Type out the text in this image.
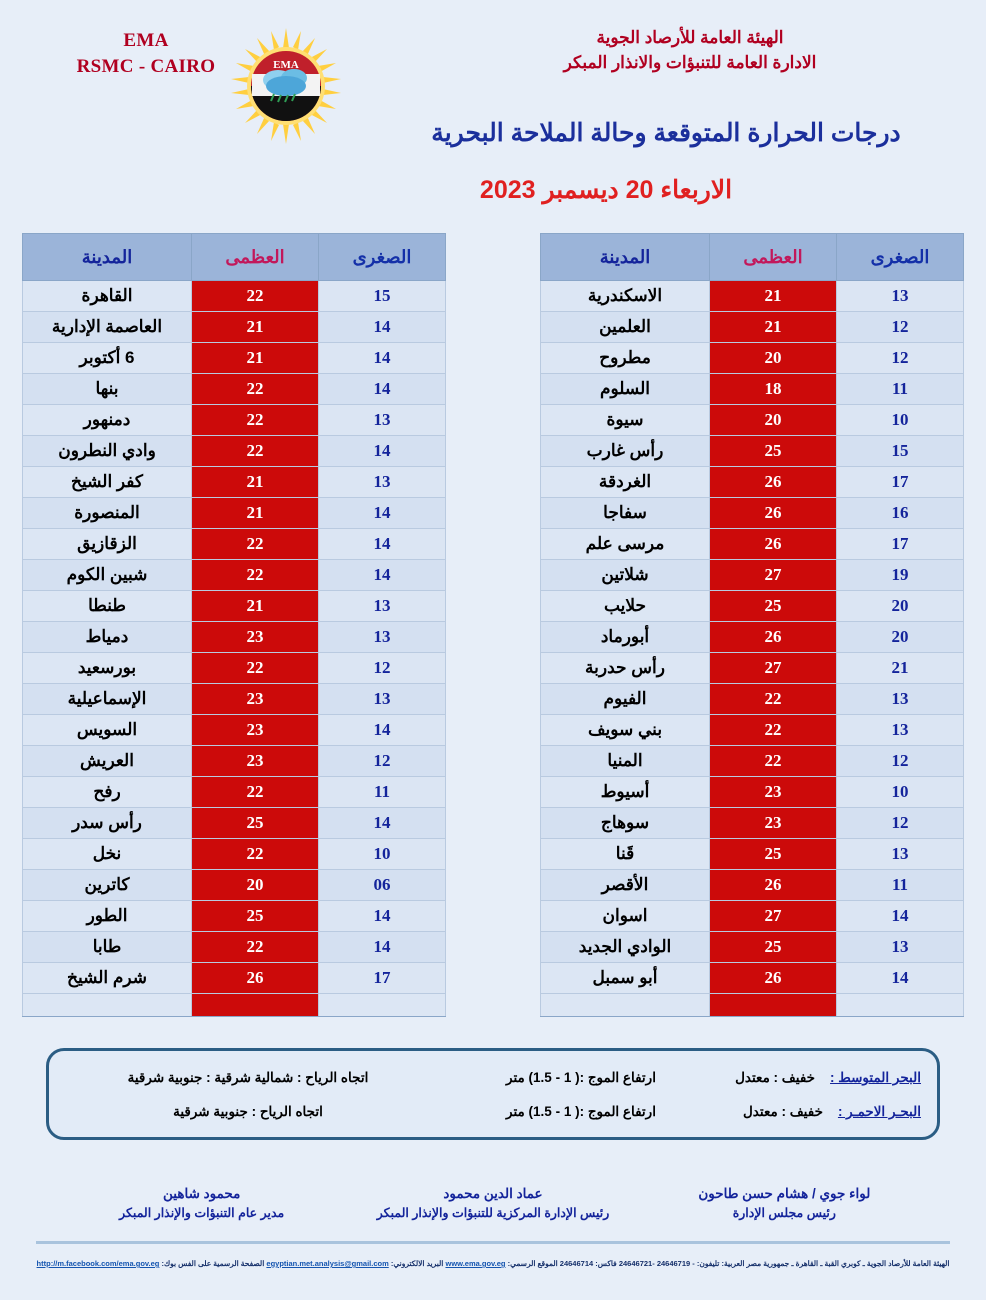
EMA
RSMC - CAIRO	EMA
الهيئة العامة للأرصاد الجوية
الادارة العامة للتنبؤات والانذار المبكر
درجات الحرارة المتوقعة وحالة الملاحة البحرية
الاربعاء 20 ديسمبر 2023
الصغرى	العظمى	المدينة
13	21	الاسكندرية
12	21	العلمين
12	20	مطروح
11	18	السلوم
10	20	سيوة
15	25	رأس غارب
17	26	الغردقة
16	26	سفاجا
17	26	مرسى علم
19	27	شلاتين
20	25	حلايب
20	26	أبورماد
21	27	رأس حدربة
13	22	الفيوم
13	22	بني سويف
12	22	المنيا
10	23	أسيوط
12	23	سوهاج
13	25	قَنا
11	26	الأقصر
14	27	اسوان
13	25	الوادي الجديد
14	26	أبو سمبل

الصغرى	العظمى	المدينة
15	22	القاهرة
14	21	العاصمة الإدارية
14	21	6 أكتوبر
14	22	بنها
13	22	دمنهور
14	22	وادي النطرون
13	21	كفر الشيخ
14	21	المنصورة
14	22	الزقازيق
14	22	شبين الكوم
13	21	طنطا
13	23	دمياط
12	22	بورسعيد
13	23	الإسماعيلية
14	23	السويس
12	23	العريش
11	22	رفح
14	25	رأس سدر
10	22	نخل
06	20	كاترين
14	25	الطور
14	22	طابا
17	26	شرم الشيخ

البحر المتوسط :    خفيف : معتدل
ارتفاع الموج :( 1 - 1.5) متر
اتجاه الرياح : شمالية شرقية : جنوبية شرقية
البحـر الاحمـر :    خفيف : معتدل
ارتفاع الموج :( 1 - 1.5) متر
اتجاه الرياح : جنوبية شرقية
لواء جوي / هشام حسن طاحون
رئيس مجلس الإدارة
عماد الدين محمود
رئيس الإدارة المركزية للتنبؤات والإنذار المبكر
محمود شاهين
مدير عام التنبؤات والإنذار المبكر
الهيئة العامة للأرصاد الجوية ـ كوبري القبة ـ القاهرة ـ جمهورية مصر العربية: تليفون: - 24646719 -24646721 فاكس: 24646714 الموقع الرسمي: www.ema.gov.eg البريد الالكتروني: egyptian.met.analysis@gmail.com الصفحة الرسمية على الفس بوك: http://m.facebook.com/ema.gov.eg
